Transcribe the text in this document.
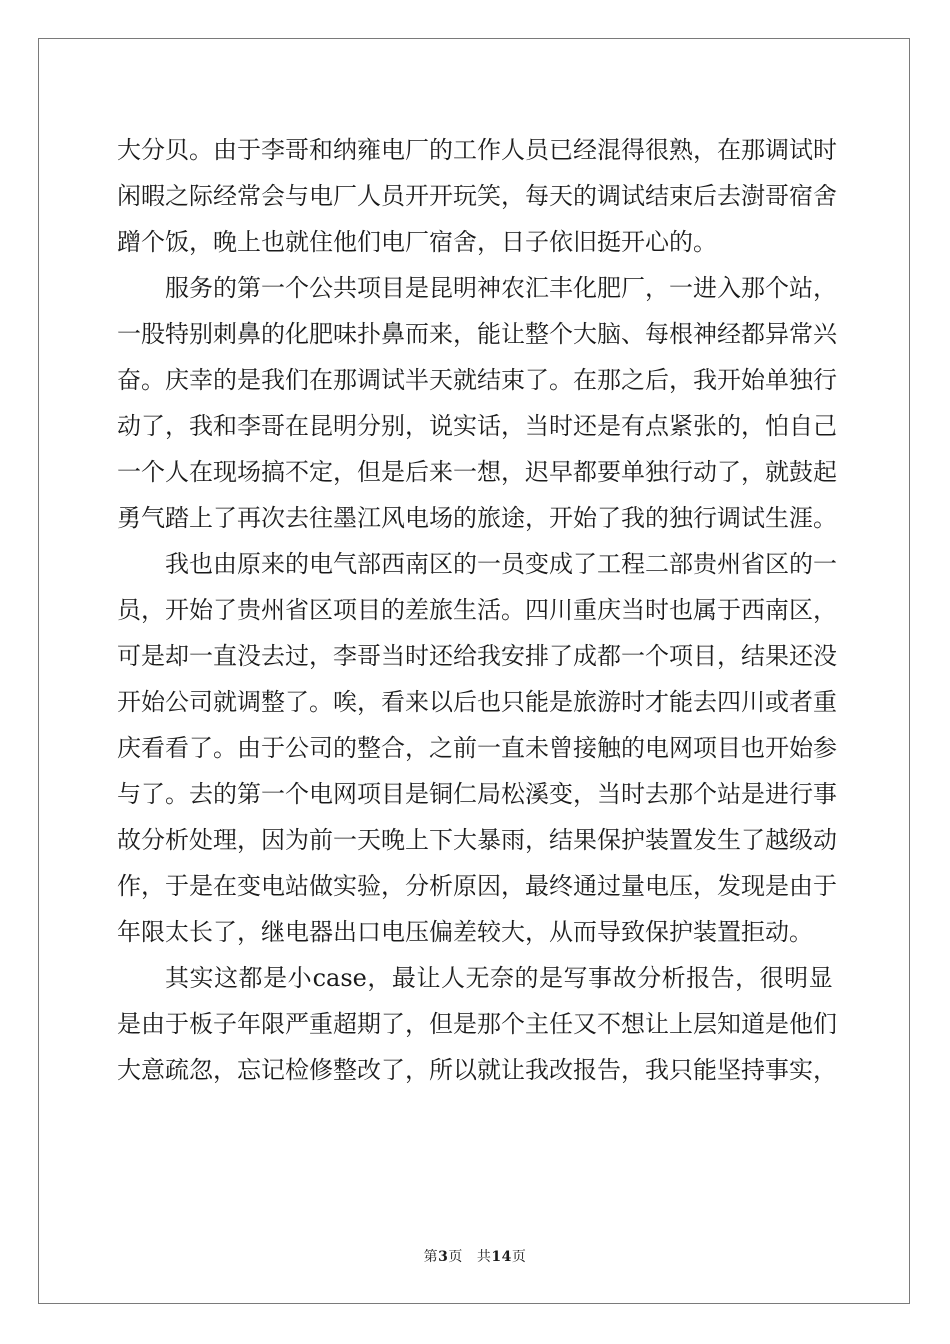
大 分 贝 。 由 于 李 哥 和 纳 雍 电 厂 的 工 作 人 员 已 经 混 得 很 熟 ， 在 那 调 试 时
闲 暇 之 际 经 常 会 与 电 厂 人 员 开 开 玩 笑 ， 每 天 的 调 试 结 束 后 去 澍 哥 宿 舍
蹭个饭，晚上也就住他们电厂宿舍，日子依旧挺开心的。
服 务 的 第 一 个 公 共 项 目 是 昆 明 神 农 汇 丰 化 肥 厂 ， 一 进 入 那 个 站 ，
一 股 特 别 刺 鼻 的 化 肥 味 扑 鼻 而 来 ， 能 让 整 个 大 脑 、 每 根 神 经 都 异 常 兴
奋 。 庆 幸 的 是 我 们 在 那 调 试 半 天 就 结 束 了 。 在 那 之 后 ， 我 开 始 单 独 行
动 了 ， 我 和 李 哥 在 昆 明 分 别 ， 说 实 话 ， 当 时 还 是 有 点 紧 张 的 ， 怕 自 己
一 个 人 在 现 场 搞 不 定 ， 但 是 后 来 一 想 ， 迟 早 都 要 单 独 行 动 了 ， 就 鼓 起
勇 气 踏 上 了 再 次 去 往 墨 江 风 电 场 的 旅 途 ， 开 始 了 我 的 独 行 调 试 生 涯 。
我 也 由 原 来 的 电 气 部 西 南 区 的 一 员 变 成 了 工 程 二 部 贵 州 省 区 的 一
员 ， 开 始 了 贵 州 省 区 项 目 的 差 旅 生 活 。 四 川 重 庆 当 时 也 属 于 西 南 区 ，
可 是 却 一 直 没 去 过 ， 李 哥 当 时 还 给 我 安 排 了 成 都 一 个 项 目 ， 结 果 还 没
开 始 公 司 就 调 整 了 。 唉 ， 看 来 以 后 也 只 能 是 旅 游 时 才 能 去 四 川 或 者 重
庆 看 看 了 。 由 于 公 司 的 整 合 ， 之 前 一 直 未 曾 接 触 的 电 网 项 目 也 开 始 参
与 了 。 去 的 第 一 个 电 网 项 目 是 铜 仁 局 松 溪 变 ， 当 时 去 那 个 站 是 进 行 事
故 分 析 处 理 ， 因 为 前 一 天 晚 上 下 大 暴 雨 ， 结 果 保 护 装 置 发 生 了 越 级 动
作 ， 于 是 在 变 电 站 做 实 验 ， 分 析 原 因 ， 最 终 通 过 量 电 压 ， 发 现 是 由 于
年限太长了，继电器出口电压偏差较大，从而导致保护装置拒动。
其 实 这 都 是 小 case ， 最 让 人 无 奈 的 是 写 事 故 分 析 报 告 ， 很 明 显
是 由 于 板 子 年 限 严 重 超 期 了 ， 但 是 那 个 主 任 又 不 想 让 上 层 知 道 是 他 们
大 意 疏 忽 ， 忘 记 检 修 整 改 了 ， 所 以 就 让 我 改 报 告 ， 我 只 能 坚 持 事 实 ，
第3页 共14页
